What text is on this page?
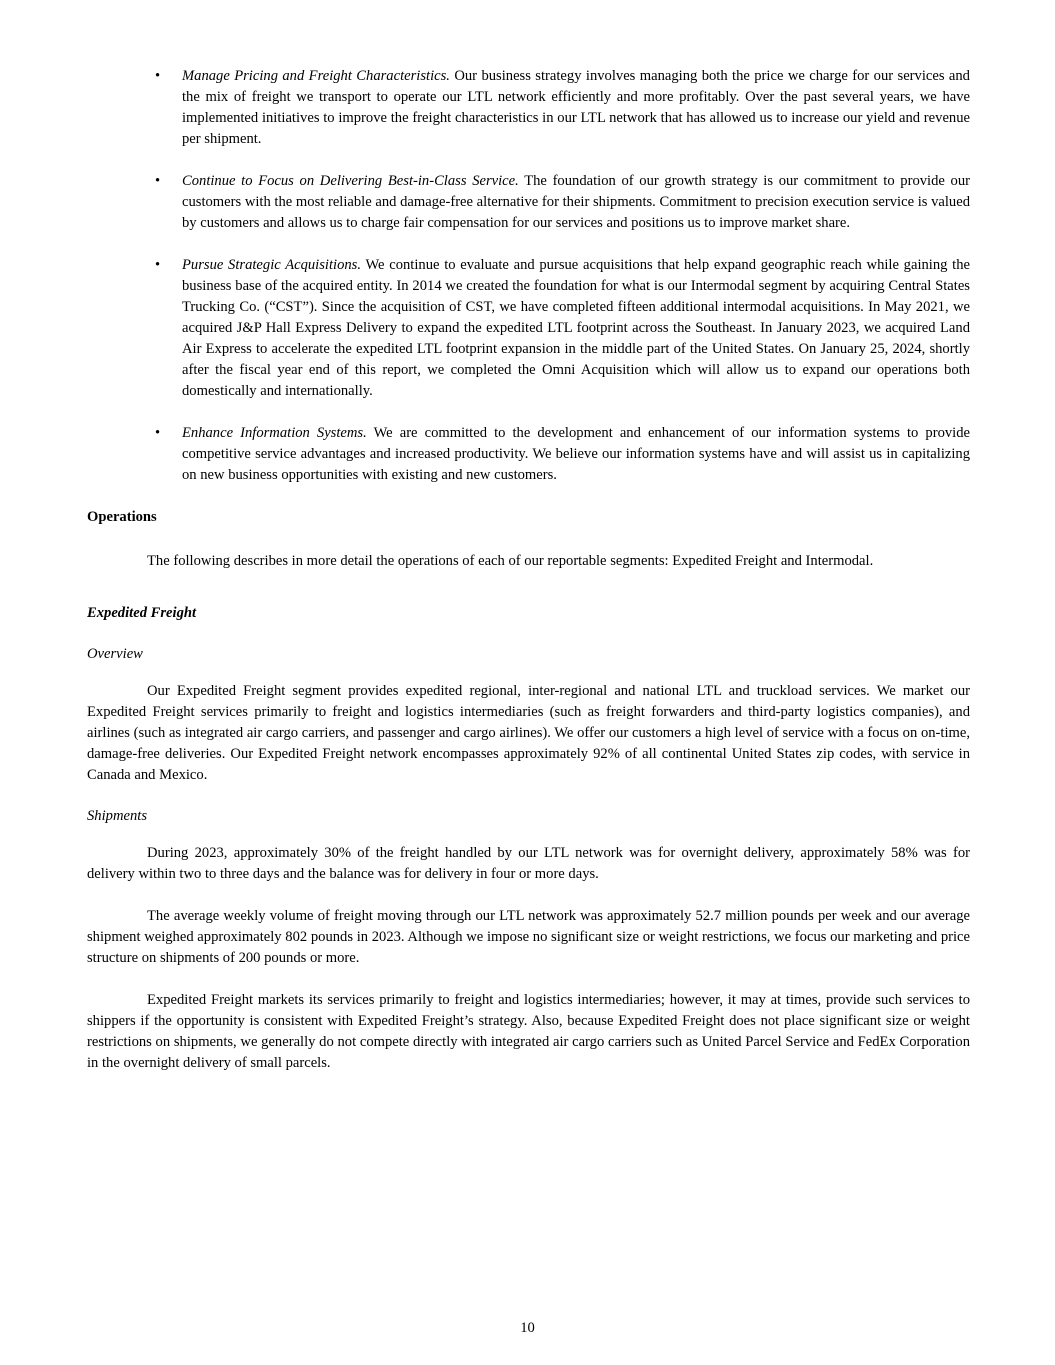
•	Manage Pricing and Freight Characteristics. Our business strategy involves managing both the price we charge for our services and the mix of freight we transport to operate our LTL network efficiently and more profitably. Over the past several years, we have implemented initiatives to improve the freight characteristics in our LTL network that has allowed us to increase our yield and revenue per shipment.
•	Continue to Focus on Delivering Best-in-Class Service. The foundation of our growth strategy is our commitment to provide our customers with the most reliable and damage-free alternative for their shipments. Commitment to precision execution service is valued by customers and allows us to charge fair compensation for our services and positions us to improve market share.
•	Pursue Strategic Acquisitions. We continue to evaluate and pursue acquisitions that help expand geographic reach while gaining the business base of the acquired entity. In 2014 we created the foundation for what is our Intermodal segment by acquiring Central States Trucking Co. (“CST”). Since the acquisition of CST, we have completed fifteen additional intermodal acquisitions. In May 2021, we acquired J&P Hall Express Delivery to expand the expedited LTL footprint across the Southeast. In January 2023, we acquired Land Air Express to accelerate the expedited LTL footprint expansion in the middle part of the United States. On January 25, 2024, shortly after the fiscal year end of this report, we completed the Omni Acquisition which will allow us to expand our operations both domestically and internationally.
•	Enhance Information Systems. We are committed to the development and enhancement of our information systems to provide competitive service advantages and increased productivity. We believe our information systems have and will assist us in capitalizing on new business opportunities with existing and new customers.
Operations

The following describes in more detail the operations of each of our reportable segments: Expedited Freight and Intermodal.

Expedited Freight
Overview

Our Expedited Freight segment provides expedited regional, inter-regional and national LTL and truckload services. We market our Expedited Freight services primarily to freight and logistics intermediaries (such as freight forwarders and third-party logistics companies), and airlines (such as integrated air cargo carriers, and passenger and cargo airlines). We offer our customers a high level of service with a focus on on-time, damage-free deliveries. Our Expedited Freight network encompasses approximately 92% of all continental United States zip codes, with service in Canada and Mexico.

Shipments

During 2023, approximately 30% of the freight handled by our LTL network was for overnight delivery, approximately 58% was for delivery within two to three days and the balance was for delivery in four or more days.

The average weekly volume of freight moving through our LTL network was approximately 52.7 million pounds per week and our average shipment weighed approximately 802 pounds in 2023. Although we impose no significant size or weight restrictions, we focus our marketing and price structure on shipments of 200 pounds or more.

Expedited Freight markets its services primarily to freight and logistics intermediaries; however, it may at times, provide such services to shippers if the opportunity is consistent with Expedited Freight’s strategy. Also, because Expedited Freight does not place significant size or weight restrictions on shipments, we generally do not compete directly with integrated air cargo carriers such as United Parcel Service and FedEx Corporation in the overnight delivery of small parcels.

10
